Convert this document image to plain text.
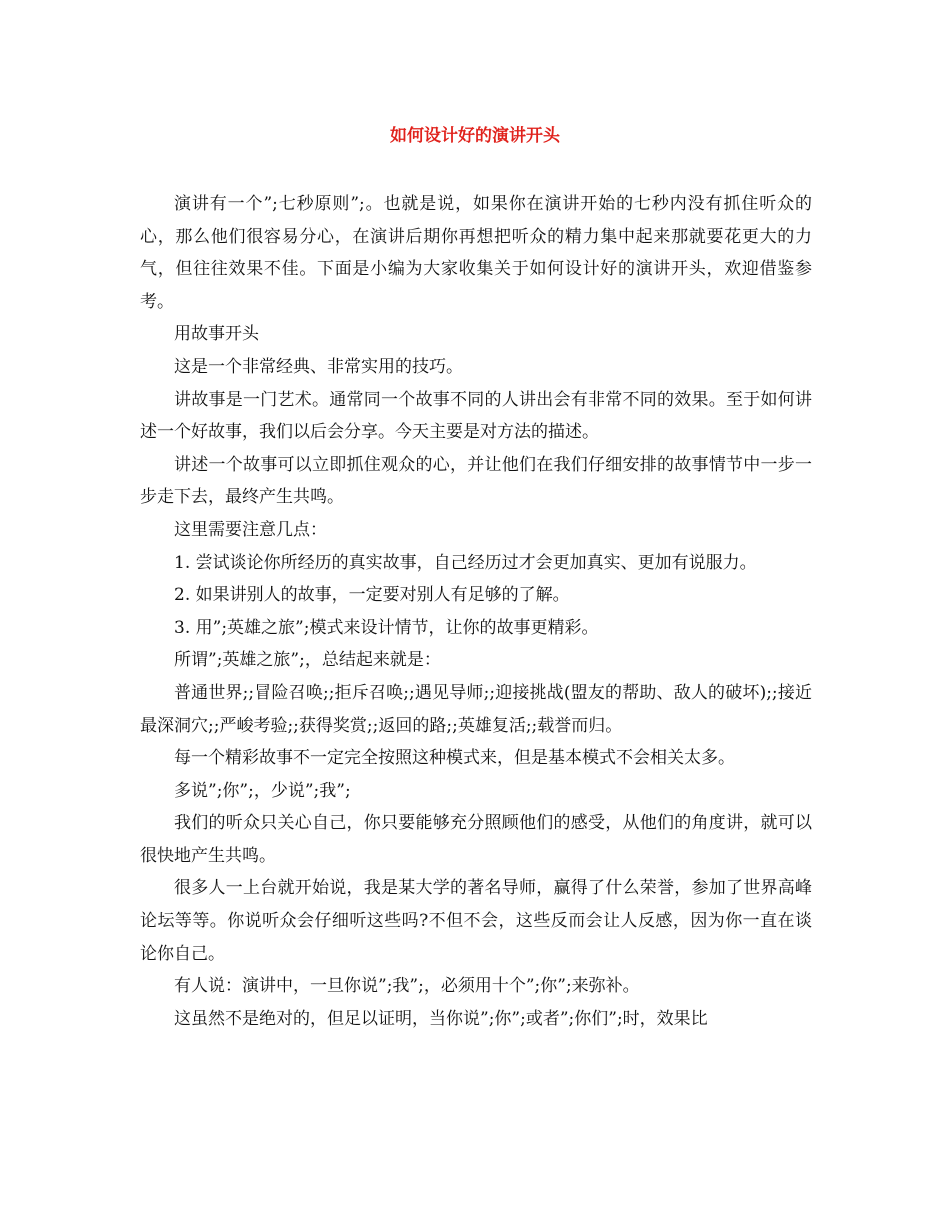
如何设计好的演讲开头

演讲有一个”;七秒原则”;。也就是说，如果你在演讲开始的七秒内没有抓住听众的心，那么他们很容易分心，在演讲后期你再想把听众的精力集中起来那就要花更大的力气，但往往效果不佳。下面是小编为大家收集关于如何设计好的演讲开头，欢迎借鉴参考。

用故事开头

这是一个非常经典、非常实用的技巧。

讲故事是一门艺术。通常同一个故事不同的人讲出会有非常不同的效果。至于如何讲述一个好故事，我们以后会分享。今天主要是对方法的描述。

讲述一个故事可以立即抓住观众的心，并让他们在我们仔细安排的故事情节中一步一步走下去，最终产生共鸣。

这里需要注意几点：

1. 尝试谈论你所经历的真实故事，自己经历过才会更加真实、更加有说服力。

2. 如果讲别人的故事，一定要对别人有足够的了解。

3. 用”;英雄之旅”;模式来设计情节，让你的故事更精彩。

所谓”;英雄之旅”;，总结起来就是：

普通世界;;冒险召唤;;拒斥召唤;;遇见导师;;迎接挑战(盟友的帮助、敌人的破坏);;接近最深洞穴;;严峻考验;;获得奖赏;;返回的路;;英雄复活;;载誉而归。

每一个精彩故事不一定完全按照这种模式来，但是基本模式不会相关太多。

多说”;你”;，少说”;我”;

我们的听众只关心自己，你只要能够充分照顾他们的感受，从他们的角度讲，就可以很快地产生共鸣。

很多人一上台就开始说，我是某大学的著名导师，赢得了什么荣誉，参加了世界高峰论坛等等。你说听众会仔细听这些吗?不但不会，这些反而会让人反感，因为你一直在谈论你自己。

有人说：演讲中，一旦你说”;我”;，必须用十个”;你”;来弥补。

这虽然不是绝对的，但足以证明，当你说”;你”;或者”;你们”;时，效果比
